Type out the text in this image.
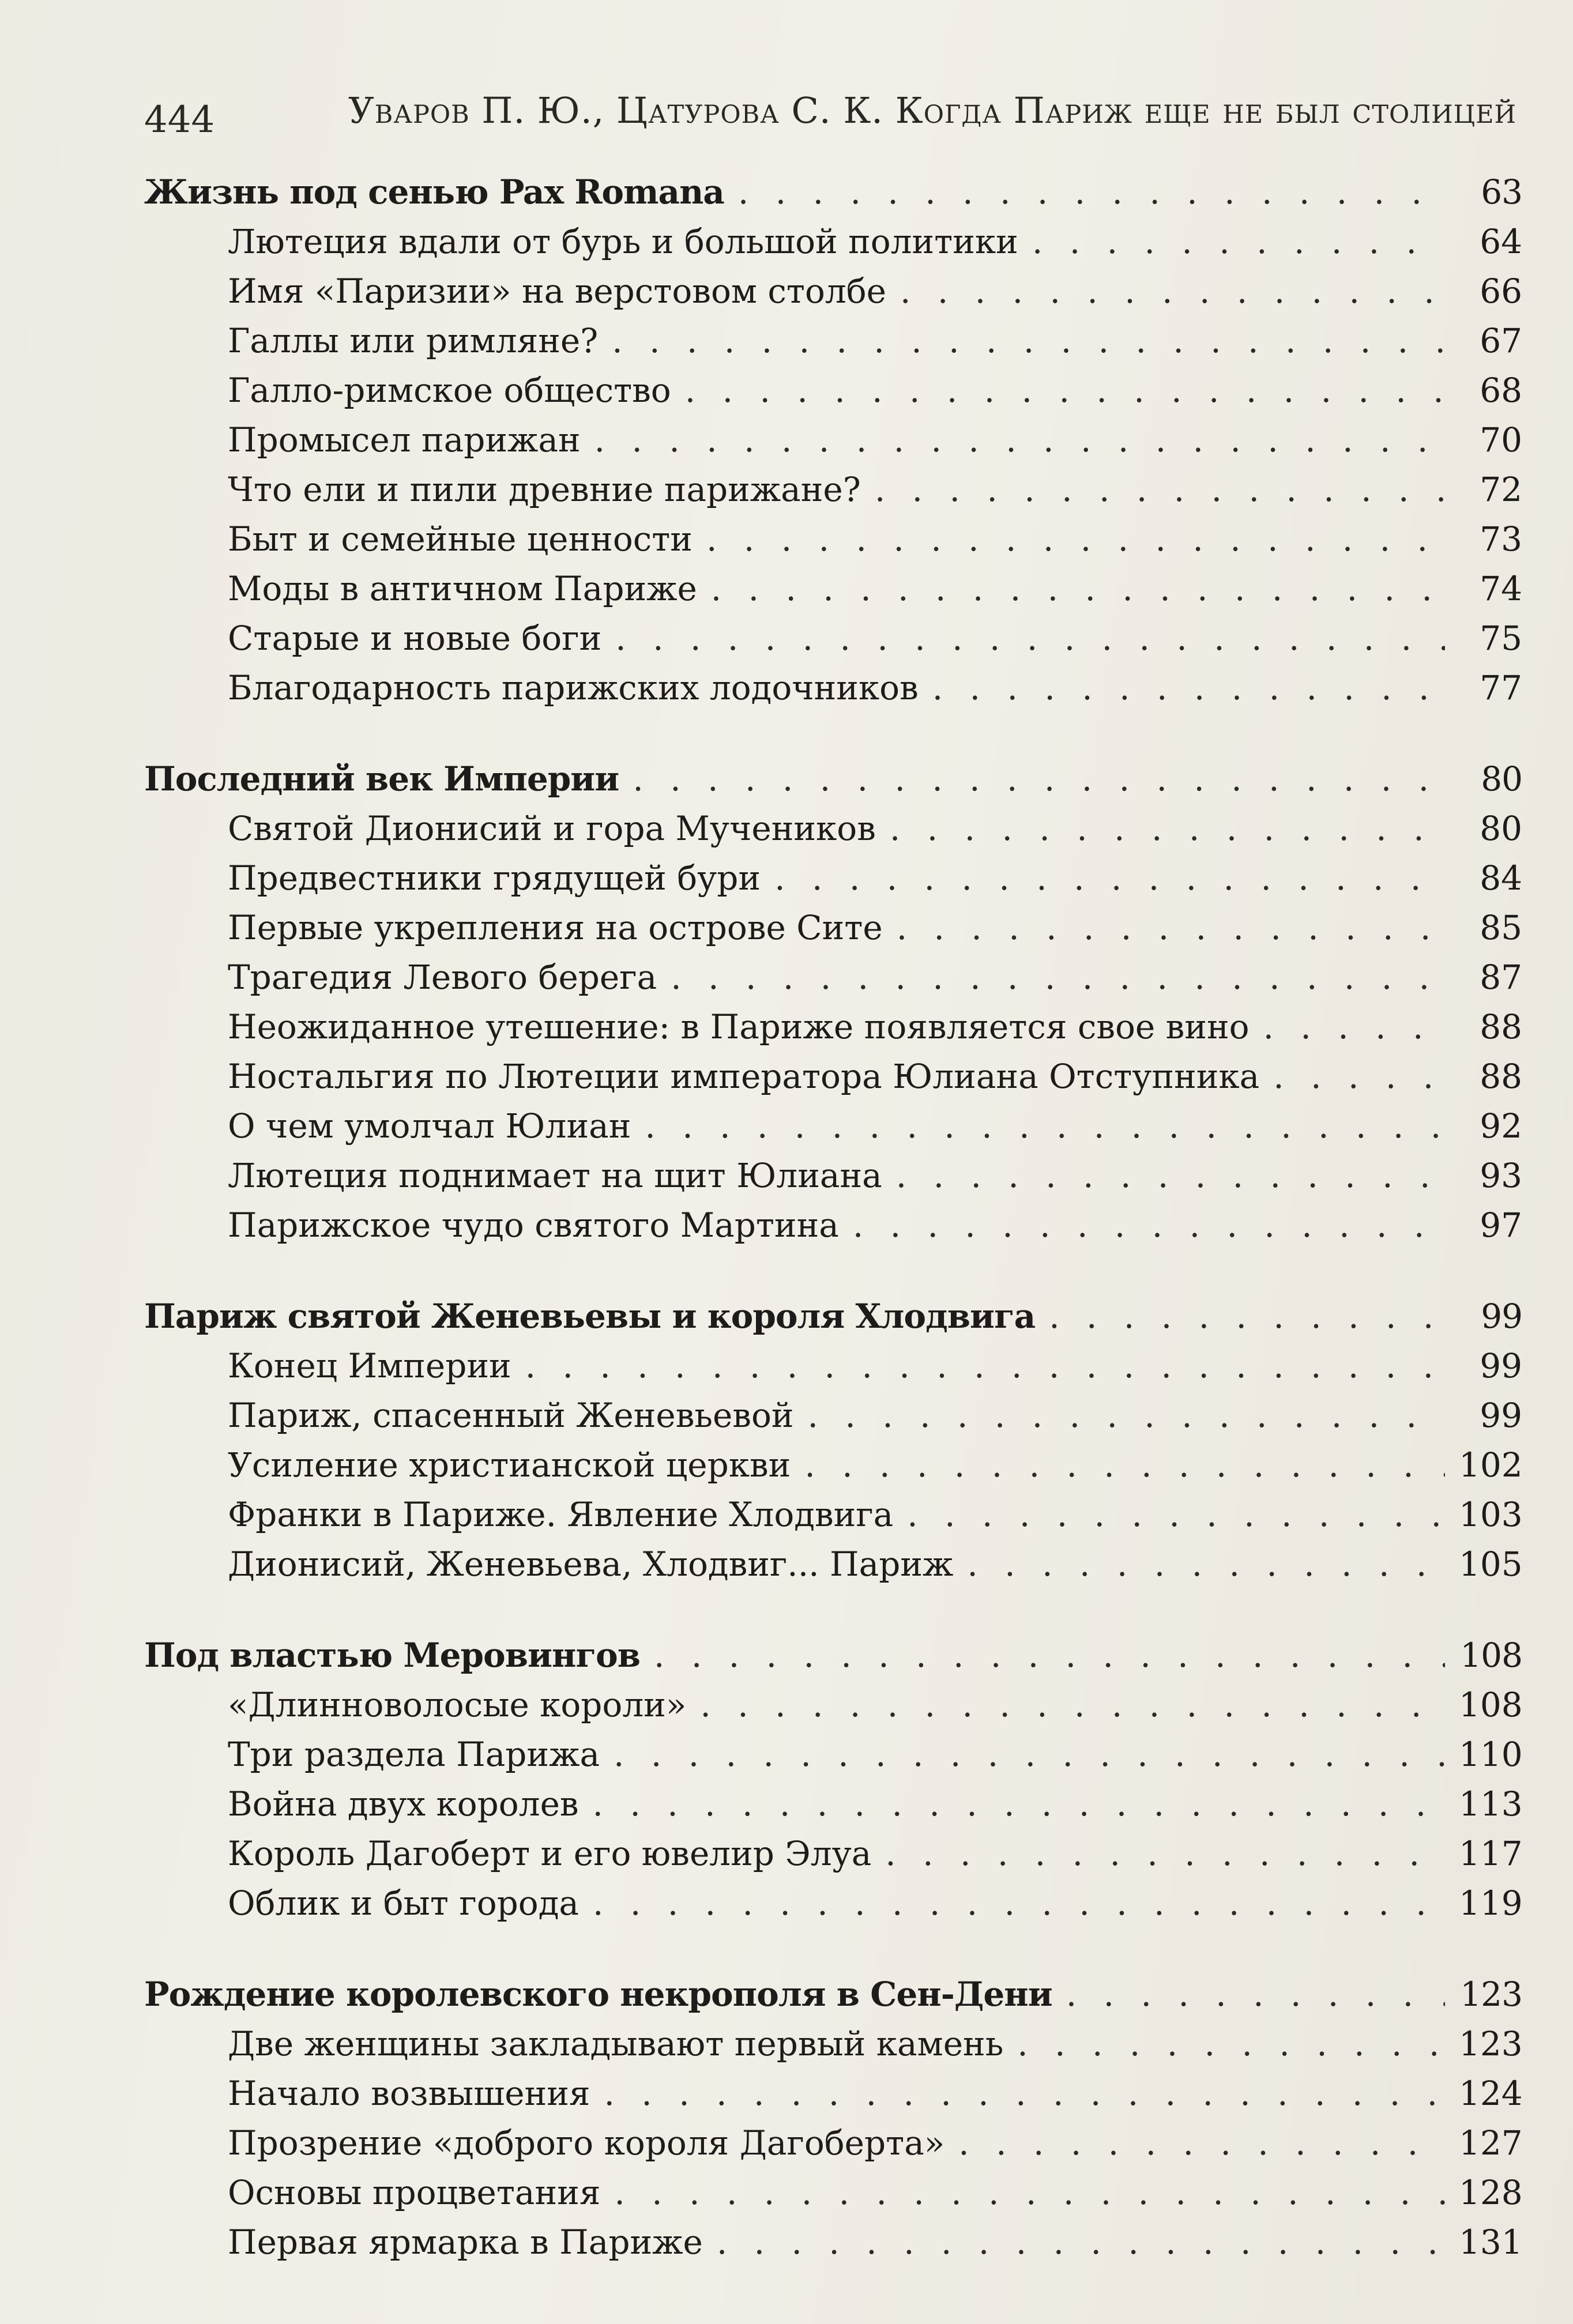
444	Уваров П. Ю., Цатурова С. К. Когда Париж еще не был столицей
Жизнь под сенью Pax Romana . . .	63
Лютеция вдали от бурь и большой политики . . .	64
Имя «Паризии» на верстовом столбе . . .	66
Галлы или римляне? . . .	67
Галло-римское общество . . .	68
Промысел парижан . . .	70
Что ели и пили древние парижане? . . .	72
Быт и семейные ценности . . .	73
Моды в античном Париже . . .	74
Старые и новые боги . . .	75
Благодарность парижских лодочников . . .	77
Последний век Империи . . .	80
Святой Дионисий и гора Мучеников . . .	80
Предвестники грядущей бури . . .	84
Первые укрепления на острове Сите . . .	85
Трагедия Левого берега . . .	87
Неожиданное утешение: в Париже появляется свое вино . . .	88
Ностальгия по Лютеции императора Юлиана Отступника . . .	88
О чем умолчал Юлиан . . .	92
Лютеция поднимает на щит Юлиана . . .	93
Парижское чудо святого Мартина . . .	97
Париж святой Женевьевы и короля Хлодвига . . .	99
Конец Империи . . .	99
Париж, спасенный Женевьевой . . .	99
Усиление христианской церкви . . .	102
Франки в Париже. Явление Хлодвига . . .	103
Дионисий, Женевьева, Хлодвиг... Париж . . .	105
Под властью Меровингов . . .	108
«Длинноволосые короли» . . .	108
Три раздела Парижа . . .	110
Война двух королев . . .	113
Король Дагоберт и его ювелир Элуа . . .	117
Облик и быт города . . .	119
Рождение королевского некрополя в Сен-Дени . . .	123
Две женщины закладывают первый камень . . .	123
Начало возвышения . . .	124
Прозрение «доброго короля Дагоберта» . . .	127
Основы процветания . . .	128
Первая ярмарка в Париже . . .	131
